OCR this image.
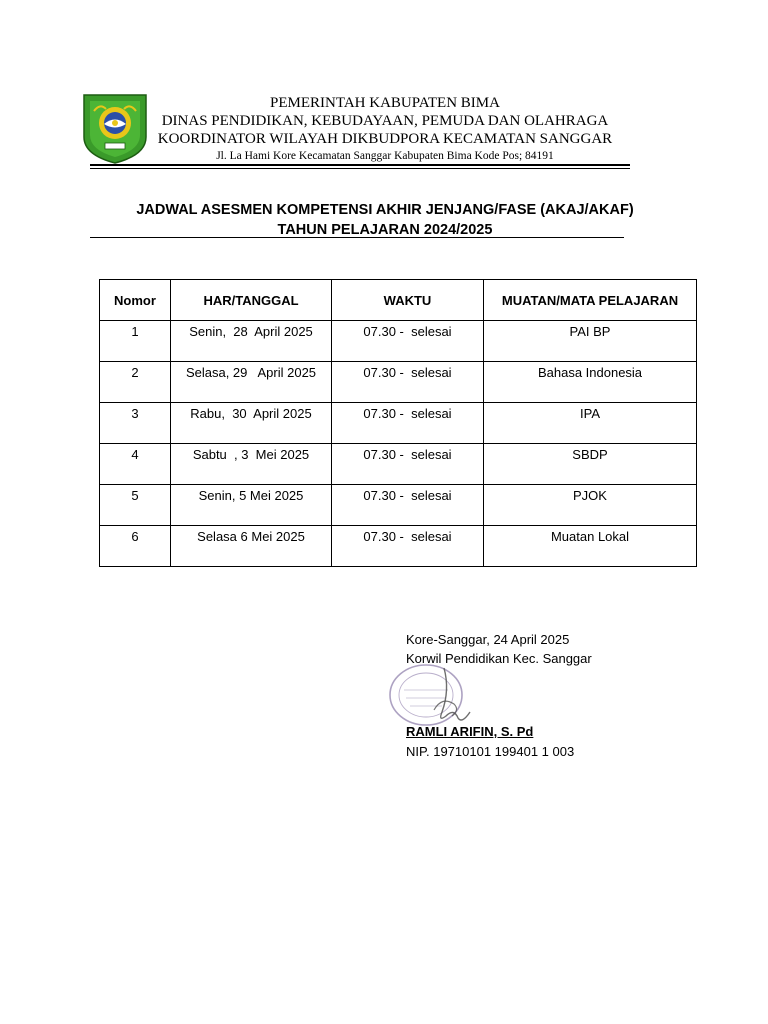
PEMERINTAH KABUPATEN BIMA
DINAS PENDIDIKAN, KEBUDAYAAN, PEMUDA DAN OLAHRAGA
KOORDINATOR WILAYAH DIKBUDPORA KECAMATAN SANGGAR
Jl. La Hami Kore Kecamatan Sanggar Kabupaten Bima Kode Pos; 84191
JADWAL ASESMEN KOMPETENSI AKHIR JENJANG/FASE (AKAJ/AKAF)
TAHUN PELAJARAN 2024/2025
Nomor	HAR/TANGGAL	WAKTU	MUATAN/MATA PELAJARAN
1	Senin,  28  April 2025	07.30 -  selesai	PAI BP
2	Selasa, 29   April 2025	07.30 -  selesai	Bahasa Indonesia
3	Rabu,  30  April 2025	07.30 -  selesai	IPA
4	Sabtu  , 3  Mei 2025	07.30 -  selesai	SBDP
5	Senin, 5 Mei 2025	07.30 -  selesai	PJOK
6	Selasa 6 Mei 2025	07.30 -  selesai	Muatan Lokal
Kore-Sanggar, 24 April 2025
Korwil Pendidikan Kec. Sanggar
RAMLI ARIFIN, S. Pd
NIP. 19710101 199401 1 003
